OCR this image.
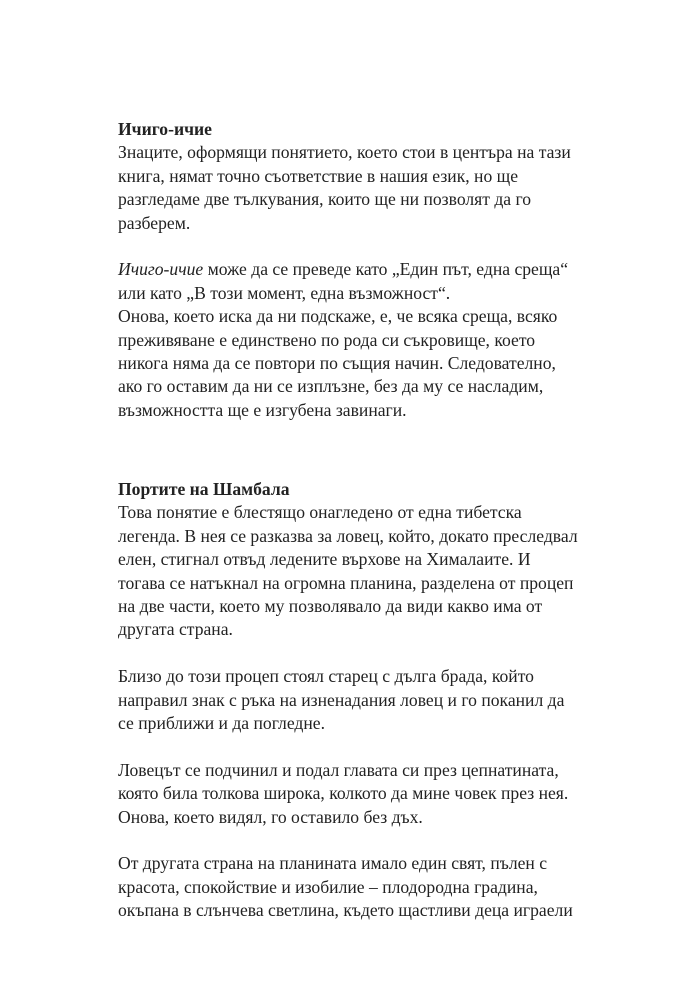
Ичиго-ичие
Знаците, оформящи понятието, което стои в центъра на тази
книга, нямат точно съответствие в нашия език, но ще
разгледаме две тълкувания, които ще ни позволят да го
разберем.
Ичиго-ичие може да се преведе като „Един път, една среща“
или като „В този момент, една възможност“.
Онова, което иска да ни подскаже, е, че всяка среща, всяко
преживяване е единствено по рода си съкровище, което
никога няма да се повтори по същия начин. Следователно,
ако го оставим да ни се изплъзне, без да му се насладим,
възможността ще е изгубена завинаги.
Портите на Шамбала
Това понятие е блестящо онагледено от една тибетска
легенда. В нея се разказва за ловец, който, докато преследвал
елен, стигнал отвъд ледените върхове на Хималаите. И
тогава се натъкнал на огромна планина, разделена от процеп
на две части, което му позволявало да види какво има от
другата страна.
Близо до този процеп стоял старец с дълга брада, който
направил знак с ръка на изненадания ловец и го поканил да
се приближи и да погледне.
Ловецът се подчинил и подал главата си през цепнатината,
която била толкова широка, колкото да мине човек през нея.
Онова, което видял, го оставило без дъх.
От другата страна на планината имало един свят, пълен с
красота, спокойствие и изобилие – плодородна градина,
окъпана в слънчева светлина, където щастливи деца играели
